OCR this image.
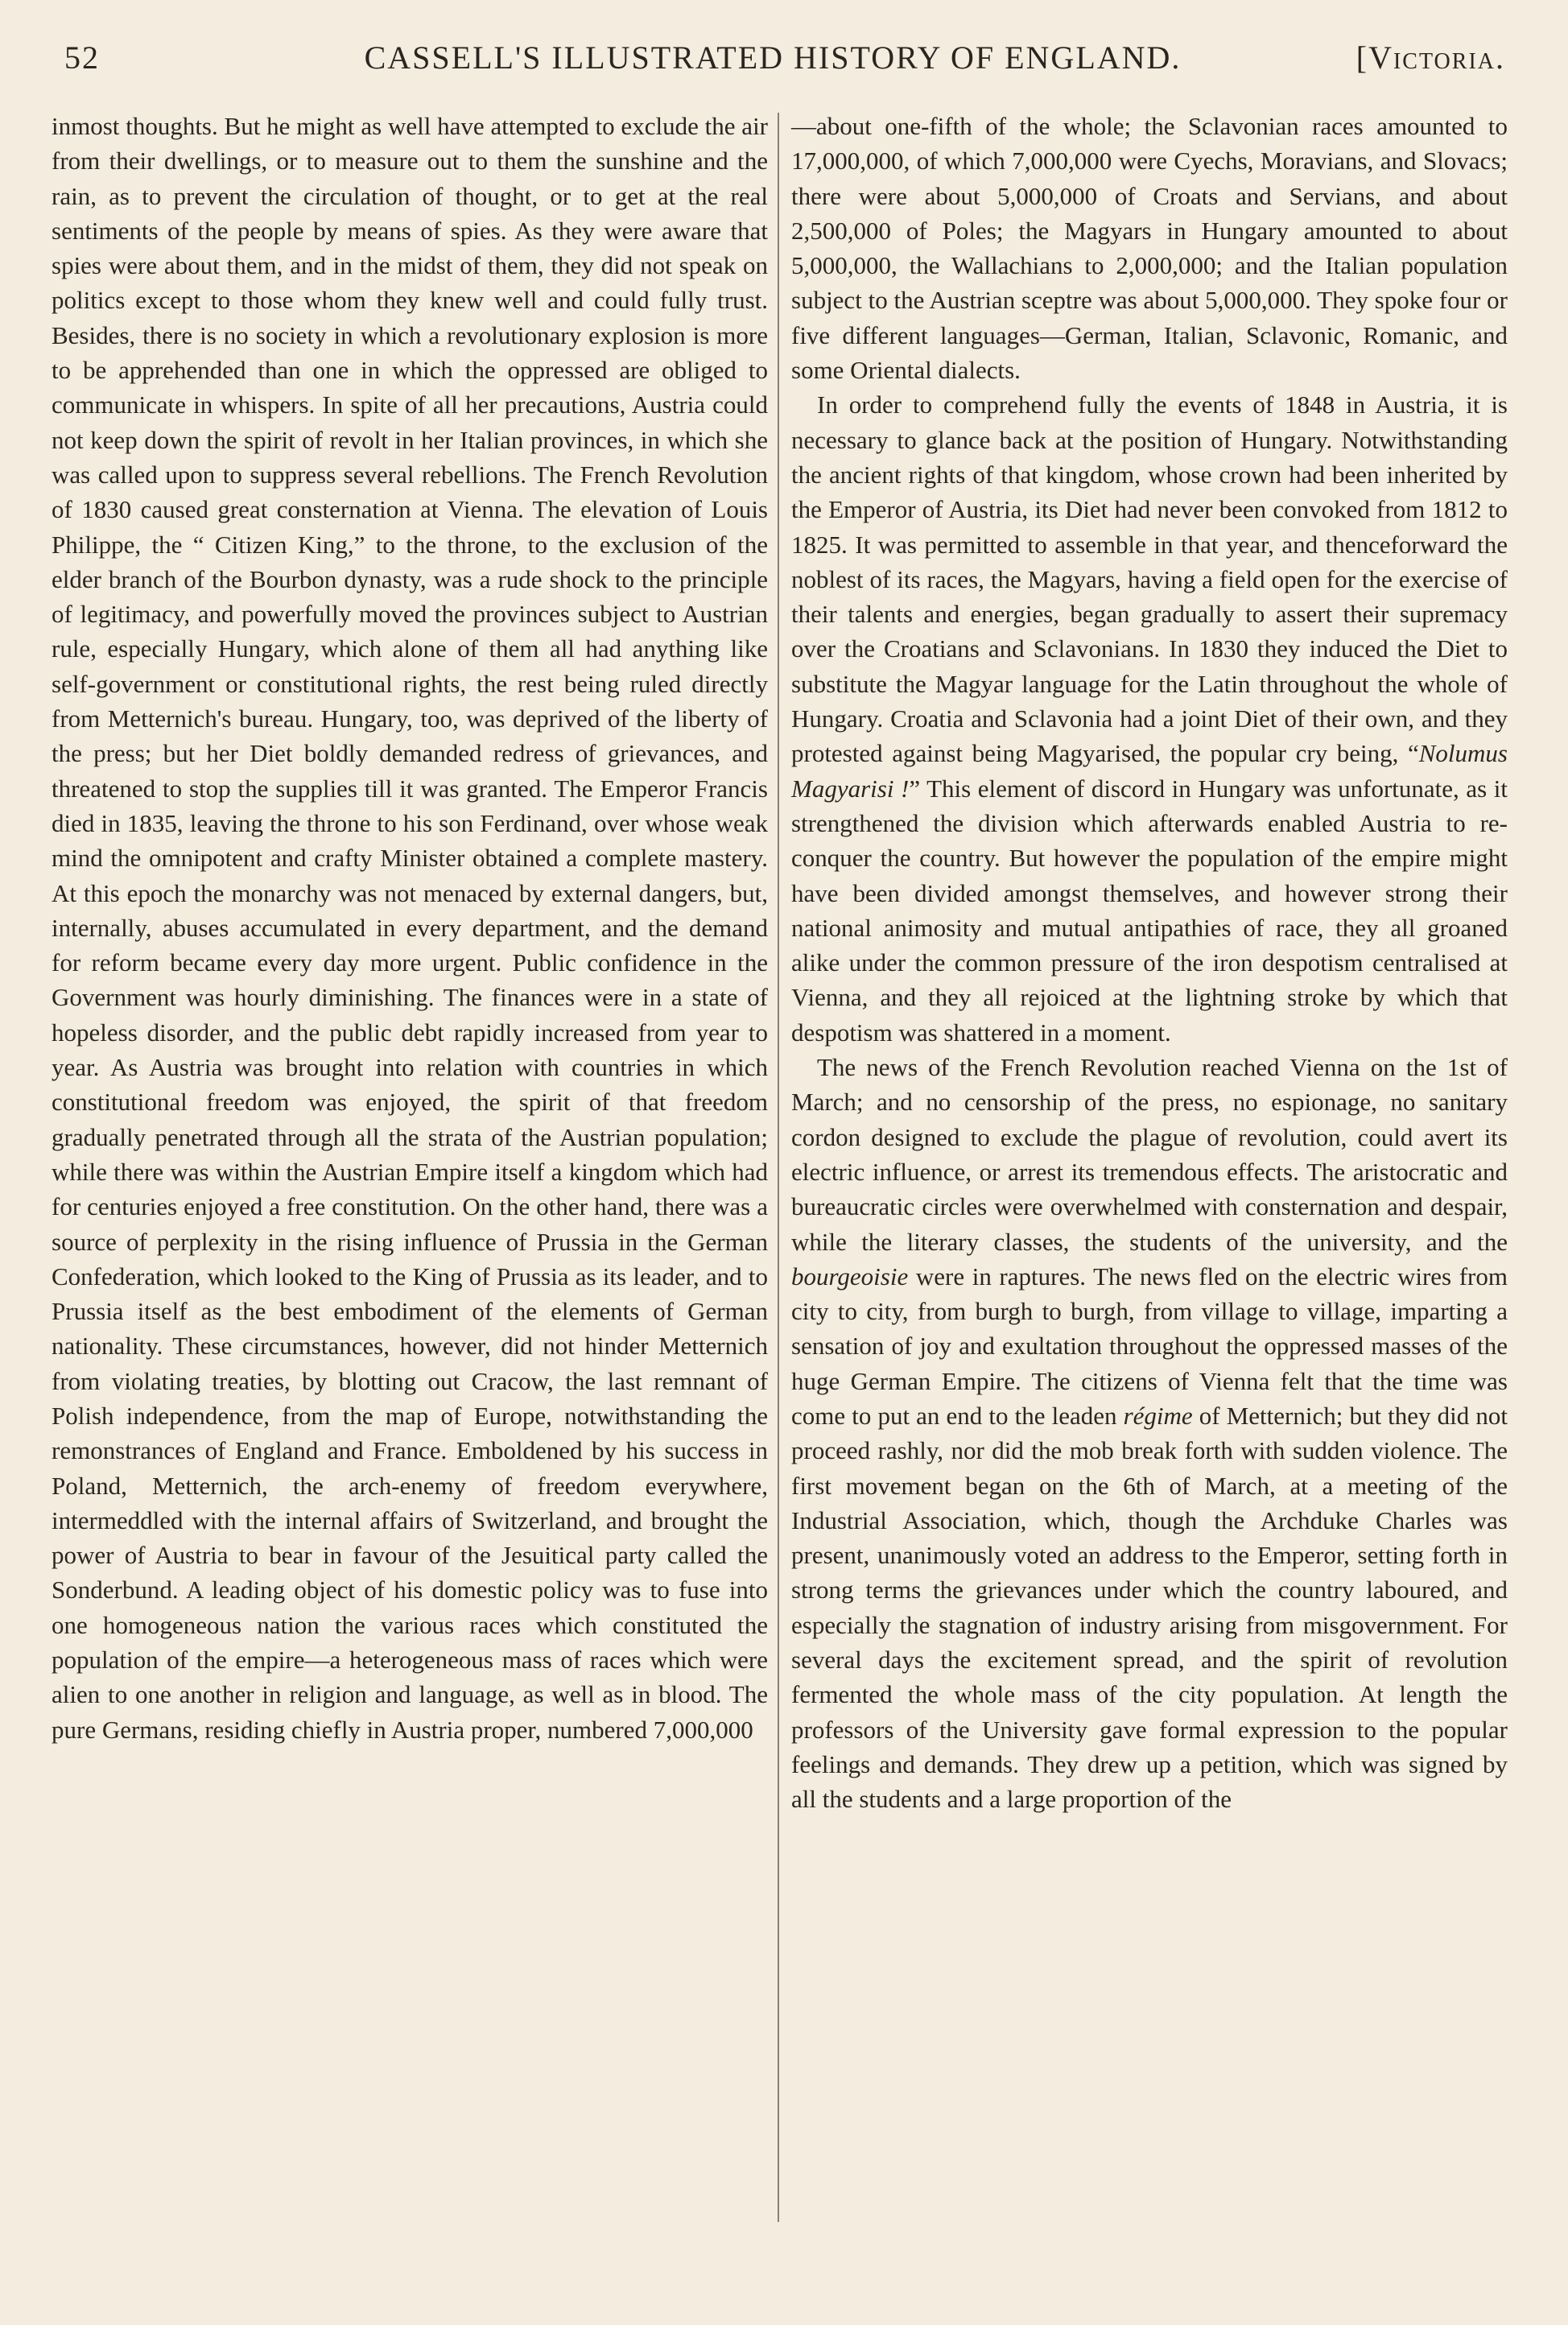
52	CASSELL'S ILLUSTRATED HISTORY OF ENGLAND.	[Victoria.

inmost thoughts. But he might as well have attempted to exclude the air from their dwellings, or to measure out to them the sunshine and the rain, as to prevent the circulation of thought, or to get at the real sentiments of the people by means of spies. As they were aware that spies were about them, and in the midst of them, they did not speak on politics except to those whom they knew well and could fully trust. Besides, there is no society in which a revolutionary explosion is more to be apprehended than one in which the oppressed are obliged to communicate in whispers. In spite of all her precautions, Austria could not keep down the spirit of revolt in her Italian provinces, in which she was called upon to suppress several rebellions. The French Revolution of 1830 caused great consternation at Vienna. The elevation of Louis Philippe, the “ Citizen King,” to the throne, to the exclusion of the elder branch of the Bourbon dynasty, was a rude shock to the principle of legitimacy, and powerfully moved the provinces subject to Austrian rule, especially Hungary, which alone of them all had anything like self-government or constitutional rights, the rest being ruled directly from Metternich's bureau. Hungary, too, was deprived of the liberty of the press; but her Diet boldly demanded redress of grievances, and threatened to stop the supplies till it was granted. The Emperor Francis died in 1835, leaving the throne to his son Ferdinand, over whose weak mind the omnipotent and crafty Minister obtained a complete mastery. At this epoch the monarchy was not menaced by external dangers, but, internally, abuses accumulated in every department, and the demand for reform became every day more urgent. Public confidence in the Government was hourly diminishing. The finances were in a state of hopeless disorder, and the public debt rapidly increased from year to year. As Austria was brought into relation with countries in which constitutional freedom was enjoyed, the spirit of that freedom gradually penetrated through all the strata of the Austrian population; while there was within the Austrian Empire itself a kingdom which had for centuries enjoyed a free constitution. On the other hand, there was a source of perplexity in the rising influence of Prussia in the German Confederation, which looked to the King of Prussia as its leader, and to Prussia itself as the best embodiment of the elements of German nationality. These circumstances, however, did not hinder Metternich from violating treaties, by blotting out Cracow, the last remnant of Polish independence, from the map of Europe, notwithstanding the remonstrances of England and France. Emboldened by his success in Poland, Metternich, the arch-enemy of freedom everywhere, intermeddled with the internal affairs of Switzerland, and brought the power of Austria to bear in favour of the Jesuitical party called the Sonderbund. A leading object of his domestic policy was to fuse into one homogeneous nation the various races which constituted the population of the empire—a heterogeneous mass of races which were alien to one another in religion and language, as well as in blood. The pure Germans, residing chiefly in Austria proper, numbered 7,000,000

—about one-fifth of the whole; the Sclavonian races amounted to 17,000,000, of which 7,000,000 were Cyechs, Moravians, and Slovacs; there were about 5,000,000 of Croats and Servians, and about 2,500,000 of Poles; the Magyars in Hungary amounted to about 5,000,000, the Wallachians to 2,000,000; and the Italian population subject to the Austrian sceptre was about 5,000,000. They spoke four or five different languages—German, Italian, Sclavonic, Romanic, and some Oriental dialects.

In order to comprehend fully the events of 1848 in Austria, it is necessary to glance back at the position of Hungary. Notwithstanding the ancient rights of that kingdom, whose crown had been inherited by the Emperor of Austria, its Diet had never been convoked from 1812 to 1825. It was permitted to assemble in that year, and thenceforward the noblest of its races, the Magyars, having a field open for the exercise of their talents and energies, began gradually to assert their supremacy over the Croatians and Sclavonians. In 1830 they induced the Diet to substitute the Magyar language for the Latin throughout the whole of Hungary. Croatia and Sclavonia had a joint Diet of their own, and they protested against being Magyarised, the popular cry being, “Nolumus Magyarisi !” This element of discord in Hungary was unfortunate, as it strengthened the division which afterwards enabled Austria to re-conquer the country. But however the population of the empire might have been divided amongst themselves, and however strong their national animosity and mutual antipathies of race, they all groaned alike under the common pressure of the iron despotism centralised at Vienna, and they all rejoiced at the lightning stroke by which that despotism was shattered in a moment.

The news of the French Revolution reached Vienna on the 1st of March; and no censorship of the press, no espionage, no sanitary cordon designed to exclude the plague of revolution, could avert its electric influence, or arrest its tremendous effects. The aristocratic and bureaucratic circles were overwhelmed with consternation and despair, while the literary classes, the students of the university, and the bourgeoisie were in raptures. The news fled on the electric wires from city to city, from burgh to burgh, from village to village, imparting a sensation of joy and exultation throughout the oppressed masses of the huge German Empire. The citizens of Vienna felt that the time was come to put an end to the leaden régime of Metternich; but they did not proceed rashly, nor did the mob break forth with sudden violence. The first movement began on the 6th of March, at a meeting of the Industrial Association, which, though the Archduke Charles was present, unanimously voted an address to the Emperor, setting forth in strong terms the grievances under which the country laboured, and especially the stagnation of industry arising from misgovernment. For several days the excitement spread, and the spirit of revolution fermented the whole mass of the city population. At length the professors of the University gave formal expression to the popular feelings and demands. They drew up a petition, which was signed by all the students and a large proportion of the
